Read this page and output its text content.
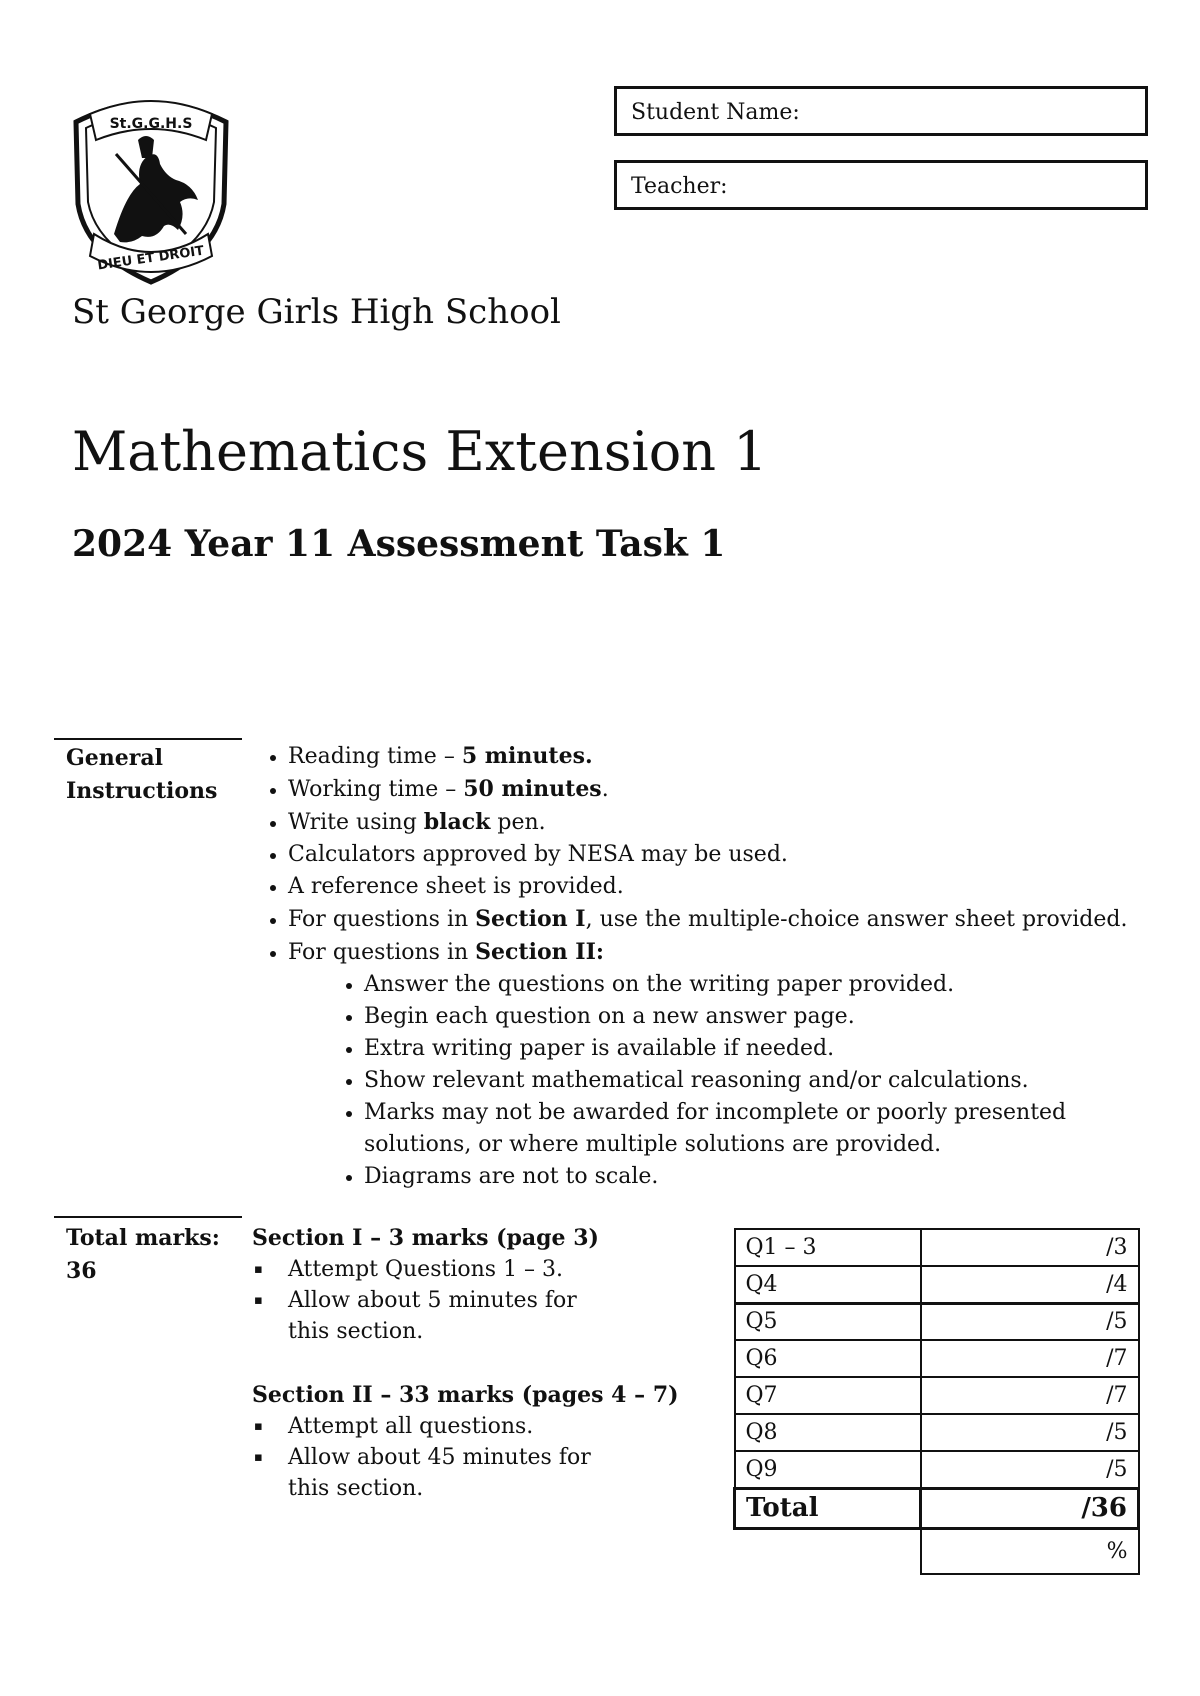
St.G.G.H.S
DIEU ET DROIT
Student Name:
Teacher:
St George Girls High School
Mathematics Extension 1
2024 Year 11 Assessment Task 1
General
Instructions
• Reading time – 5 minutes.
• Working time – 50 minutes.
• Write using black pen.
• Calculators approved by NESA may be used.
• A reference sheet is provided.
• For questions in Section I, use the multiple-choice answer sheet provided.
• For questions in Section II:
• Answer the questions on the writing paper provided.
• Begin each question on a new answer page.
• Extra writing paper is available if needed.
• Show relevant mathematical reasoning and/or calculations.
• Marks may not be awarded for incomplete or poorly presented solutions, or where multiple solutions are provided.
• Diagrams are not to scale.
Total marks:
36
Section I – 3 marks (page 3)
▪ Attempt Questions 1 – 3.
▪ Allow about 5 minutes for this section.
Section II – 33 marks (pages 4 – 7)
▪ Attempt all questions.
▪ Allow about 45 minutes for this section.
Q1 – 3	/3
Q4	/4
Q5	/5
Q6	/7
Q7	/7
Q8	/5
Q9	/5
Total	/36
	%
